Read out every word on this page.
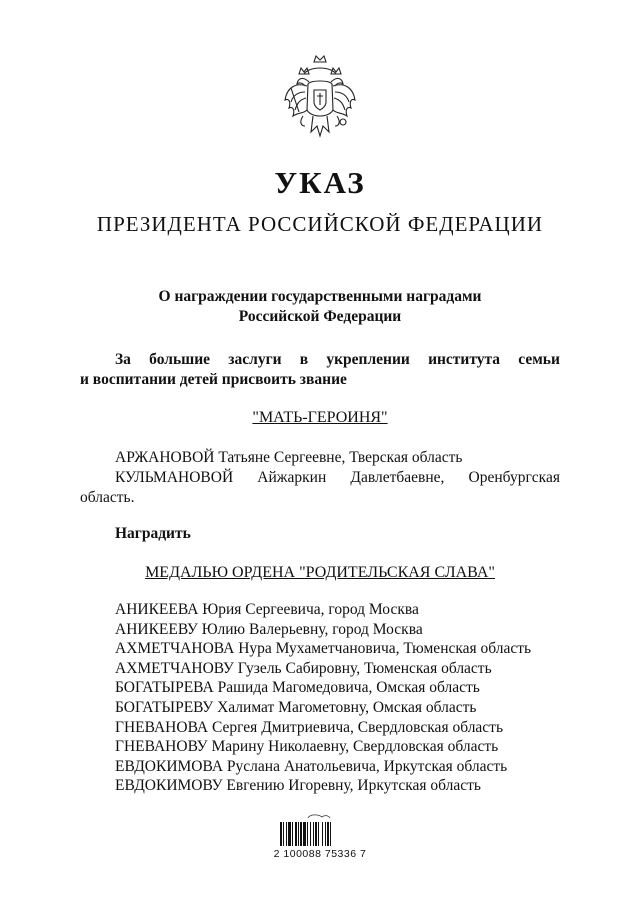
УКАЗ
ПРЕЗИДЕНТА РОССИЙСКОЙ ФЕДЕРАЦИИ
О награждении государственными наградами
Российской Федерации
За большие заслуги в укреплении института семьи
и воспитании детей присвоить звание
"МАТЬ-ГЕРОИНЯ"
АРЖАНОВОЙ Татьяне Сергеевне, Тверская область
КУЛЬМАНОВОЙ Айжаркин Давлетбаевне, Оренбургская
область.
Наградить
МЕДАЛЬЮ ОРДЕНА "РОДИТЕЛЬСКАЯ СЛАВА"
АНИКЕЕВА Юрия Сергеевича, город Москва
АНИКЕЕВУ Юлию Валерьевну, город Москва
АХМЕТЧАНОВА Нура Мухаметчановича, Тюменская область
АХМЕТЧАНОВУ Гузель Сабировну, Тюменская область
БОГАТЫРЕВА Рашида Магомедовича, Омская область
БОГАТЫРЕВУ Халимат Магометовну, Омская область
ГНЕВАНОВА Сергея Дмитриевича, Свердловская область
ГНЕВАНОВУ Марину Николаевну, Свердловская область
ЕВДОКИМОВА Руслана Анатольевича, Иркутская область
ЕВДОКИМОВУ Евгению Игоревну, Иркутская область
2 100088 75336 7
